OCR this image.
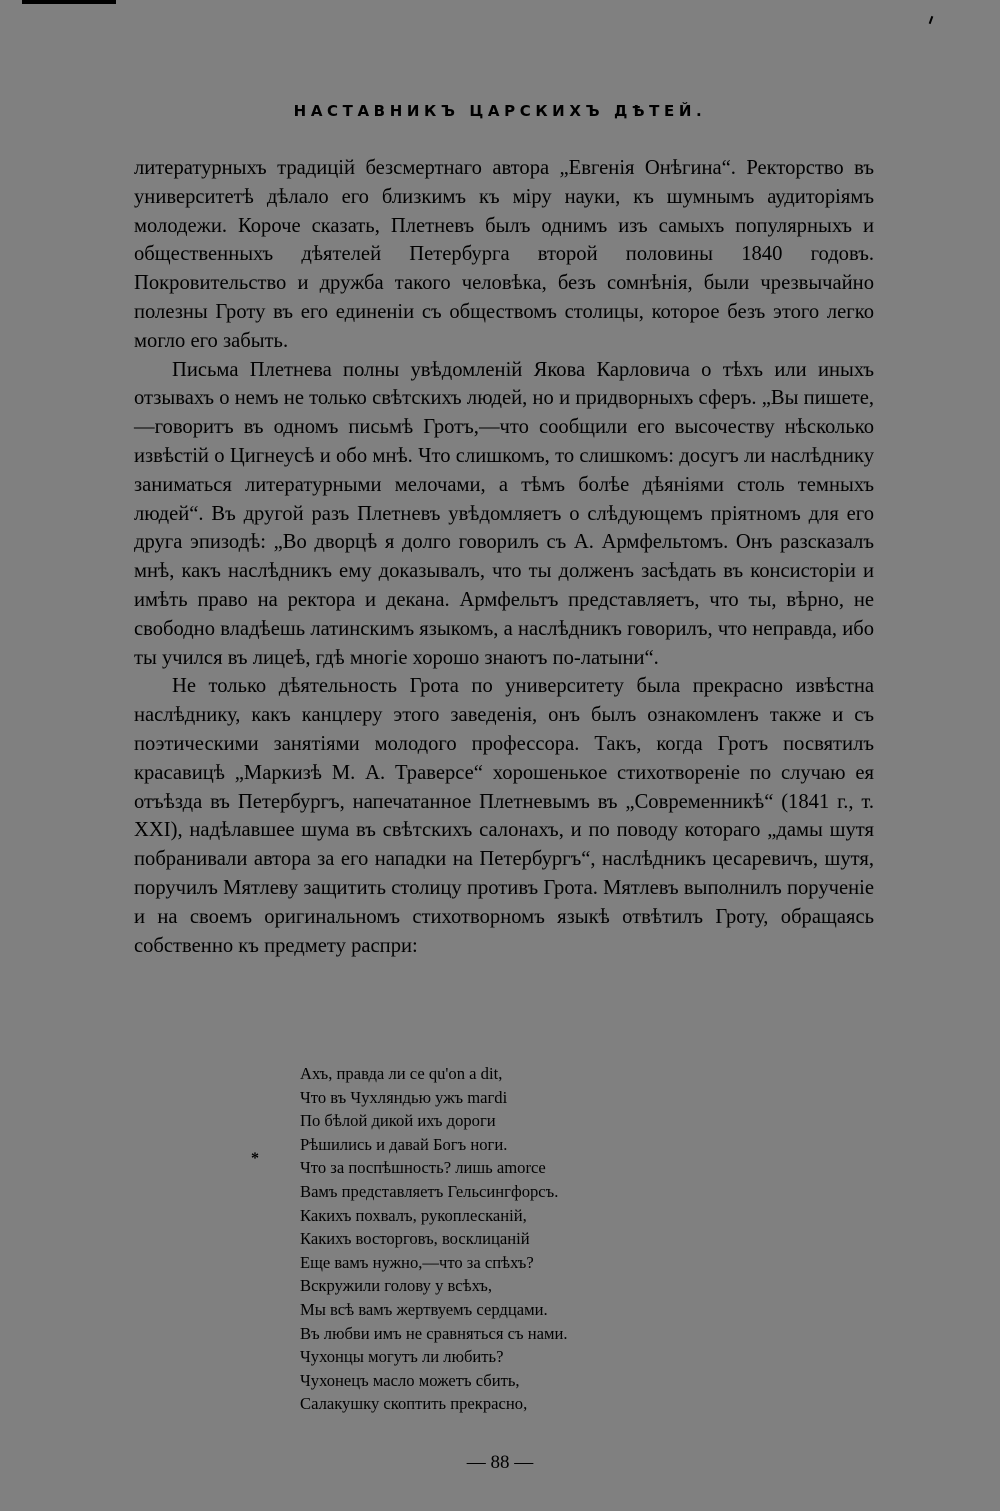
НАСТАВНИКЪ ЦАРСКИХЪ ДѢТЕЙ.

литературныхъ традицій безсмертнаго автора „Евгенія Онѣгина“. Ректорство въ университетѣ дѣлало его близкимъ къ міру науки, къ шумнымъ аудиторіямъ молодежи. Короче сказать, Плетневъ былъ однимъ изъ самыхъ популярныхъ и общественныхъ дѣятелей Петербурга второй половины 1840 годовъ. Покровительство и дружба такого человѣка, безъ сомнѣнія, были чрезвычайно полезны Гроту въ его единеніи съ обществомъ столицы, которое безъ этого легко могло его забыть.

Письма Плетнева полны увѣдомленій Якова Карловича о тѣхъ или иныхъ отзывахъ о немъ не только свѣтскихъ людей, но и придворныхъ сферъ. „Вы пишете,—говоритъ въ одномъ письмѣ Гротъ,—что сообщили его высочеству нѣсколько извѣстій о Цигнеусѣ и обо мнѣ. Что слишкомъ, то слишкомъ: досугъ ли наслѣднику заниматься литературными мелочами, а тѣмъ болѣе дѣяніями столь темныхъ людей“. Въ другой разъ Плетневъ увѣдомляетъ о слѣдующемъ пріятномъ для его друга эпизодѣ: „Во дворцѣ я долго говорилъ съ А. Армфельтомъ. Онъ разсказалъ мнѣ, какъ наслѣдникъ ему доказывалъ, что ты долженъ засѣдать въ консисторіи и имѣть право на ректора и декана. Армфельтъ представляетъ, что ты, вѣрно, не свободно владѣешь латинскимъ языкомъ, а наслѣдникъ говорилъ, что неправда, ибо ты учился въ лицеѣ, гдѣ многіе хорошо знаютъ по-латыни“.

Не только дѣятельность Грота по университету была прекрасно извѣстна наслѣднику, какъ канцлеру этого заведенія, онъ былъ ознакомленъ также и съ поэтическими занятіями молодого профессора. Такъ, когда Гротъ посвятилъ красавицѣ „Маркизѣ М. А. Траверсе“ хорошенькое стихотвореніе по случаю ея отъѣзда въ Петербургъ, напечатанное Плетневымъ въ „Современникѣ“ (1841 г., т. XXI), надѣлавшее шума въ свѣтскихъ салонахъ, и по поводу котораго „дамы шутя побранивали автора за его нападки на Петербургъ“, наслѣдникъ цесаревичъ, шутя, поручилъ Мятлеву защитить столицу противъ Грота. Мятлевъ выполнилъ порученіе и на своемъ оригинальномъ стихотворномъ языкѣ отвѣтилъ Гроту, обращаясь собственно къ предмету распри:

*
Ахъ, правда ли се qu'on a dit,
Что въ Чухляндью ужъ maгdi
По бѣлой дикой ихъ дороги
Рѣшились и давай Богъ ноги.
Что за поспѣшность? лишь amorce
Вамъ представляетъ Гельсингфорсъ.
Какихъ похвалъ, рукоплесканій,
Какихъ восторговъ, восклицаній
Еще вамъ нужно,—что за спѣхъ?
Вскружили голову у всѣхъ,
Мы всѣ вамъ жертвуемъ сердцами.
Въ любви имъ не сравняться съ нами.
Чухонцы могутъ ли любить?
Чухонецъ масло можетъ сбить,
Салакушку скоптить прекрасно,
— 88 —
